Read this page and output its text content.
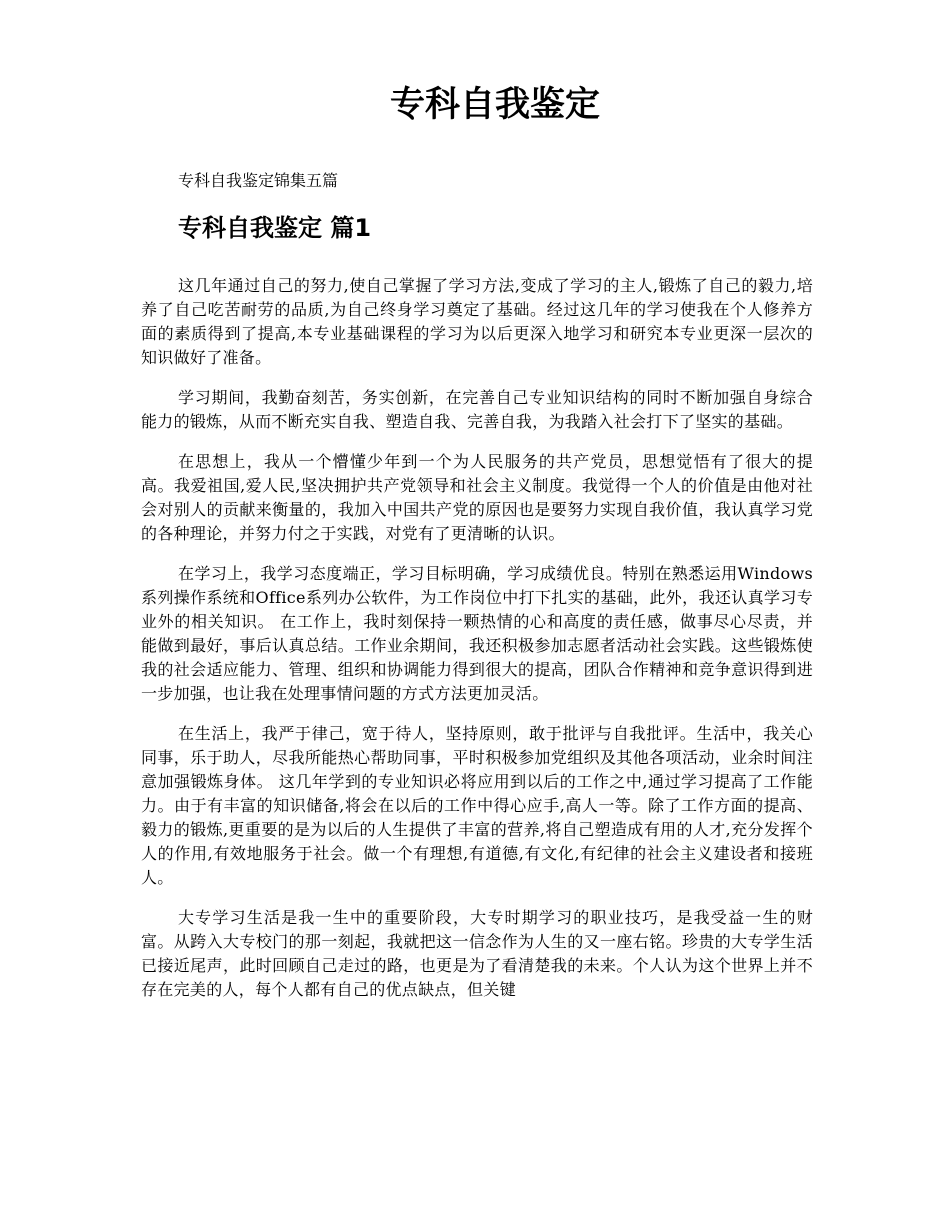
专科自我鉴定

专科自我鉴定锦集五篇

专科自我鉴定 篇1

这几年通过自己的努力,使自己掌握了学习方法,变成了学习的主人,锻炼了自己的毅力,培养了自己吃苦耐劳的品质,为自己终身学习奠定了基础。经过这几年的学习使我在个人修养方面的素质得到了提高,本专业基础课程的学习为以后更深入地学习和研究本专业更深一层次的知识做好了准备。

学习期间，我勤奋刻苦，务实创新，在完善自己专业知识结构的同时不断加强自身综合能力的锻炼，从而不断充实自我、塑造自我、完善自我，为我踏入社会打下了坚实的基础。

在思想上，我从一个懵懂少年到一个为人民服务的共产党员，思想觉悟有了很大的提高。我爱祖国,爱人民,坚决拥护共产党领导和社会主义制度。我觉得一个人的价值是由他对社会对别人的贡献来衡量的，我加入中国共产党的原因也是要努力实现自我价值，我认真学习党的各种理论，并努力付之于实践，对党有了更清晰的认识。

在学习上，我学习态度端正，学习目标明确，学习成绩优良。特别在熟悉运用Windows系列操作系统和Office系列办公软件，为工作岗位中打下扎实的基础，此外，我还认真学习专业外的相关知识。 在工作上，我时刻保持一颗热情的心和高度的责任感，做事尽心尽责，并能做到最好，事后认真总结。工作业余期间，我还积极参加志愿者活动社会实践。这些锻炼使我的社会适应能力、管理、组织和协调能力得到很大的提高，团队合作精神和竞争意识得到进一步加强，也让我在处理事情问题的方式方法更加灵活。

在生活上，我严于律己，宽于待人，坚持原则，敢于批评与自我批评。生活中，我关心同事，乐于助人，尽我所能热心帮助同事，平时积极参加党组织及其他各项活动，业余时间注意加强锻炼身体。 这几年学到的专业知识必将应用到以后的工作之中,通过学习提高了工作能力。由于有丰富的知识储备,将会在以后的工作中得心应手,高人一等。除了工作方面的提高、毅力的锻炼,更重要的是为以后的人生提供了丰富的营养,将自己塑造成有用的人才,充分发挥个人的作用,有效地服务于社会。做一个有理想,有道德,有文化,有纪律的社会主义建设者和接班人。

大专学习生活是我一生中的重要阶段，大专时期学习的职业技巧，是我受益一生的财富。从跨入大专校门的那一刻起，我就把这一信念作为人生的又一座右铭。珍贵的大专学生活已接近尾声，此时回顾自己走过的路，也更是为了看清楚我的未来。个人认为这个世界上并不存在完美的人，每个人都有自己的优点缺点，但关键
